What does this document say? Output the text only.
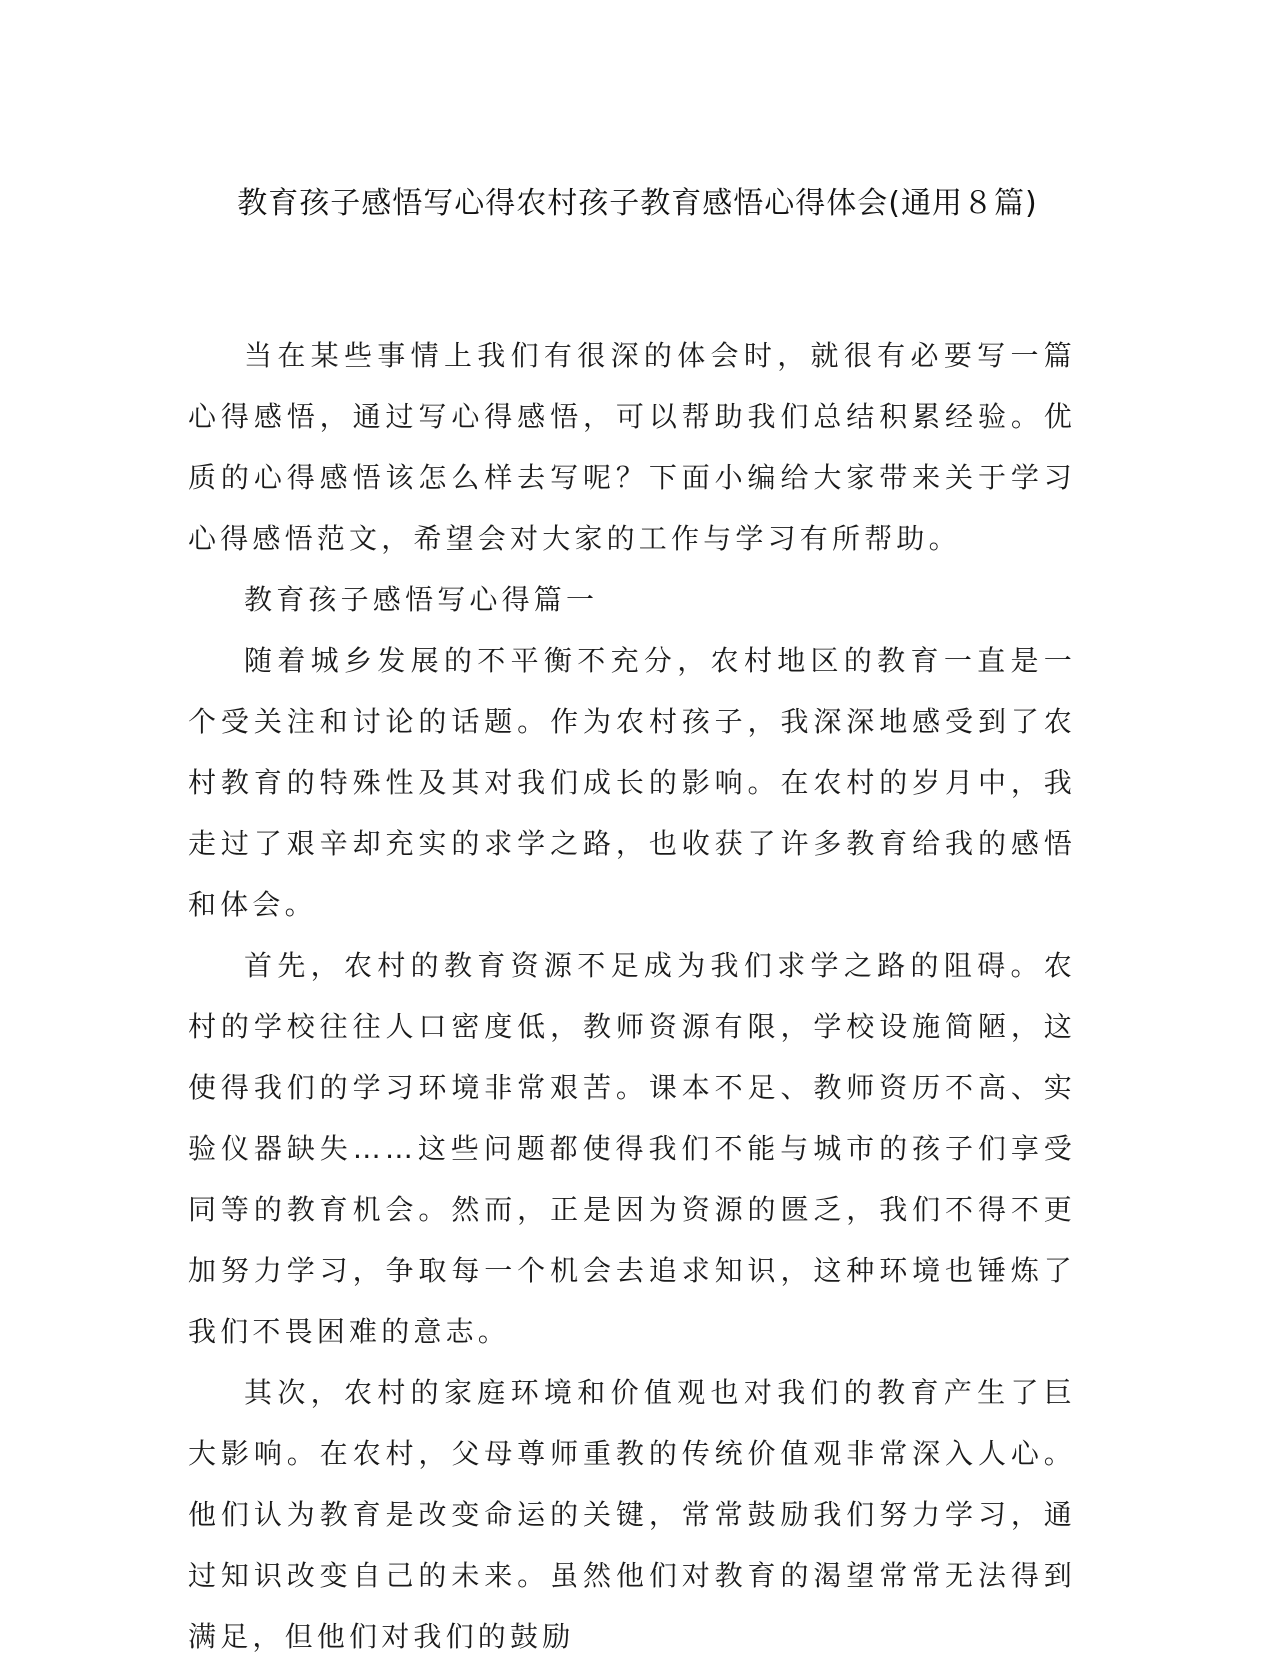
教育孩子感悟写心得农村孩子教育感悟心得体会(通用８篇)

当在某些事情上我们有很深的体会时，就很有必要写一篇心得感悟，通过写心得感悟，可以帮助我们总结积累经验。优质的心得感悟该怎么样去写呢？下面小编给大家带来关于学习心得感悟范文，希望会对大家的工作与学习有所帮助。

教育孩子感悟写心得篇一

随着城乡发展的不平衡不充分，农村地区的教育一直是一个受关注和讨论的话题。作为农村孩子，我深深地感受到了农村教育的特殊性及其对我们成长的影响。在农村的岁月中，我走过了艰辛却充实的求学之路，也收获了许多教育给我的感悟和体会。

首先，农村的教育资源不足成为我们求学之路的阻碍。农村的学校往往人口密度低，教师资源有限，学校设施简陋，这使得我们的学习环境非常艰苦。课本不足、教师资历不高、实验仪器缺失……这些问题都使得我们不能与城市的孩子们享受同等的教育机会。然而，正是因为资源的匮乏，我们不得不更加努力学习，争取每一个机会去追求知识，这种环境也锤炼了我们不畏困难的意志。

其次，农村的家庭环境和价值观也对我们的教育产生了巨大影响。在农村，父母尊师重教的传统价值观非常深入人心。他们认为教育是改变命运的关键，常常鼓励我们努力学习，通过知识改变自己的未来。虽然他们对教育的渴望常常无法得到满足，但他们对我们的鼓励
